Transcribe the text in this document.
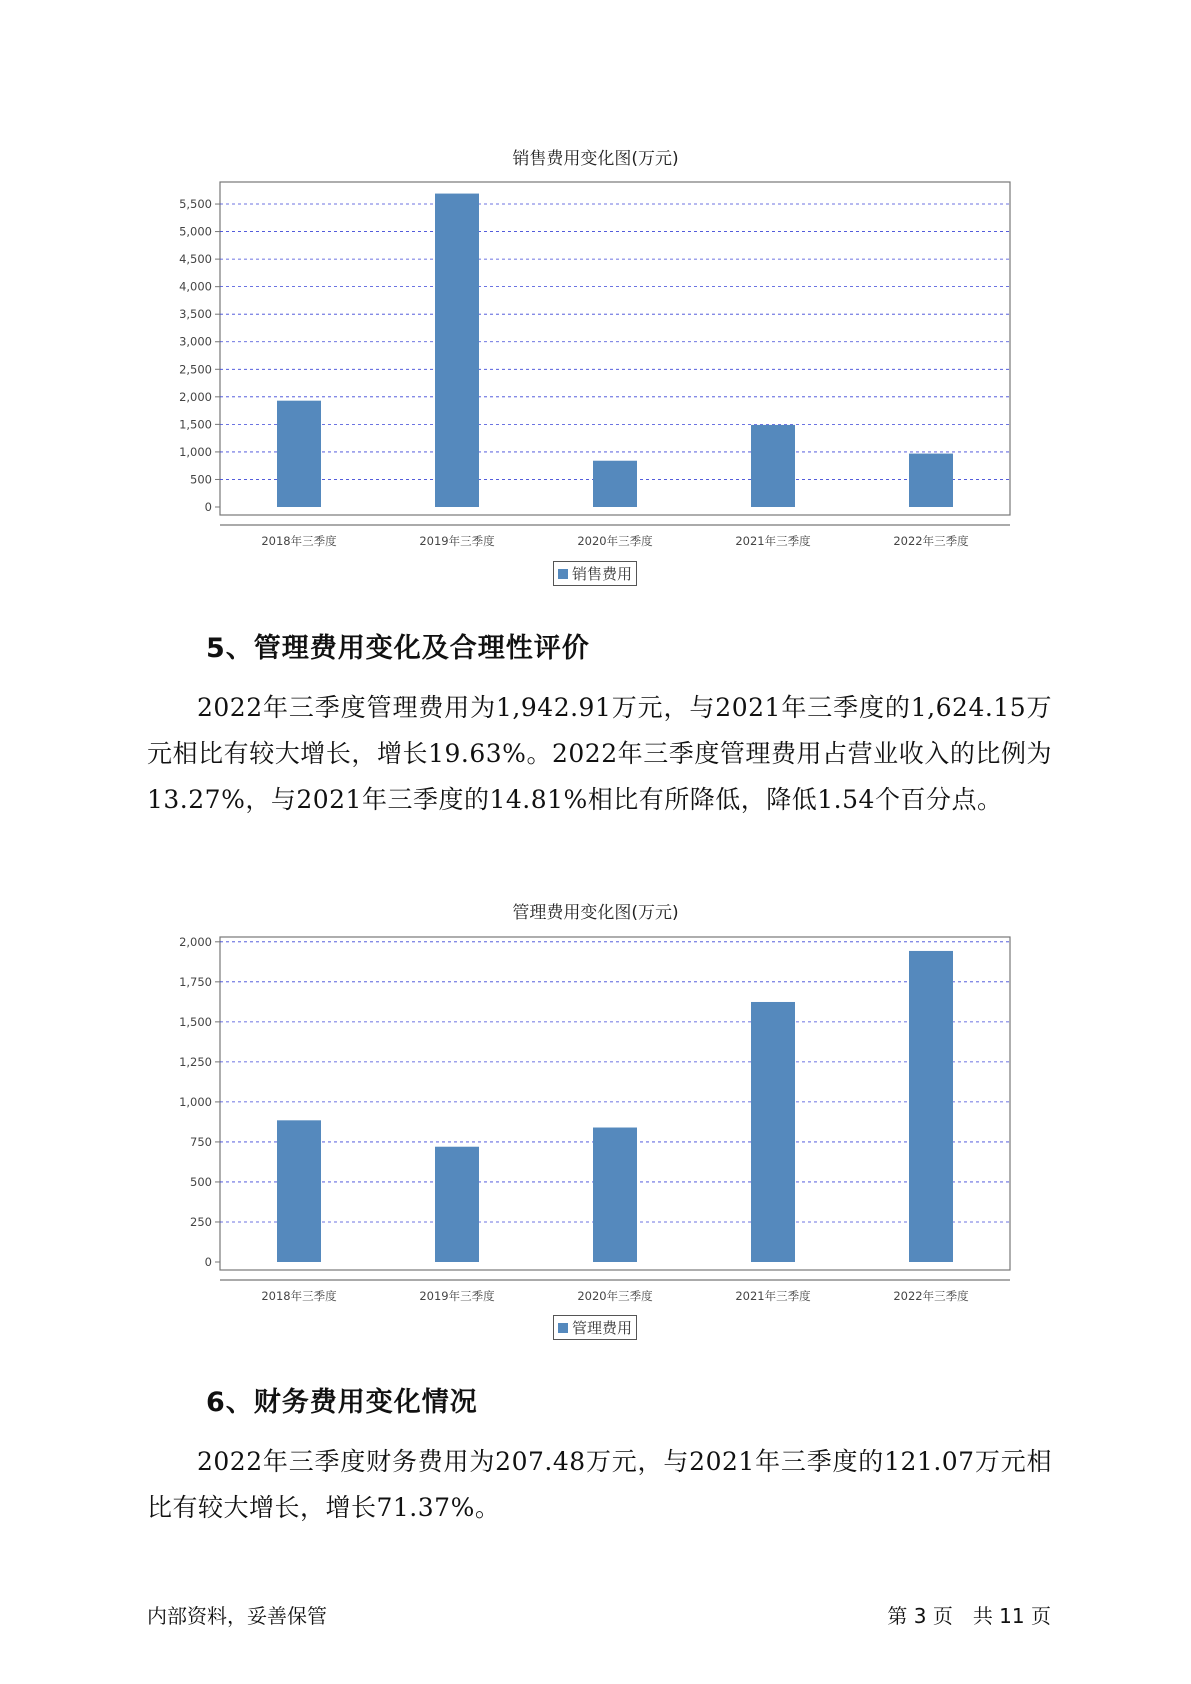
销售费用变化图(万元)
0
500
1,000
1,500
2,000
2,500
3,000
3,500
4,000
4,500
5,000
5,500
2018年三季度	2019年三季度	2020年三季度	2021年三季度	2022年三季度
销售费用
5、管理费用变化及合理性评价

2022年三季度管理费用为1,942.91万元，与2021年三季度的1,624.15万元相比有较大增长，增长19.63%。2022年三季度管理费用占营业收入的比例为13.27%，与2021年三季度的14.81%相比有所降低，降低1.54个百分点。

管理费用变化图(万元)
0
250
500
750
1,000
1,250
1,500
1,750
2,000
2018年三季度	2019年三季度	2020年三季度	2021年三季度	2022年三季度
管理费用
6、财务费用变化情况

2022年三季度财务费用为207.48万元，与2021年三季度的121.07万元相比有较大增长，增长71.37%。

内部资料，妥善保管	第 3 页　共 11 页
